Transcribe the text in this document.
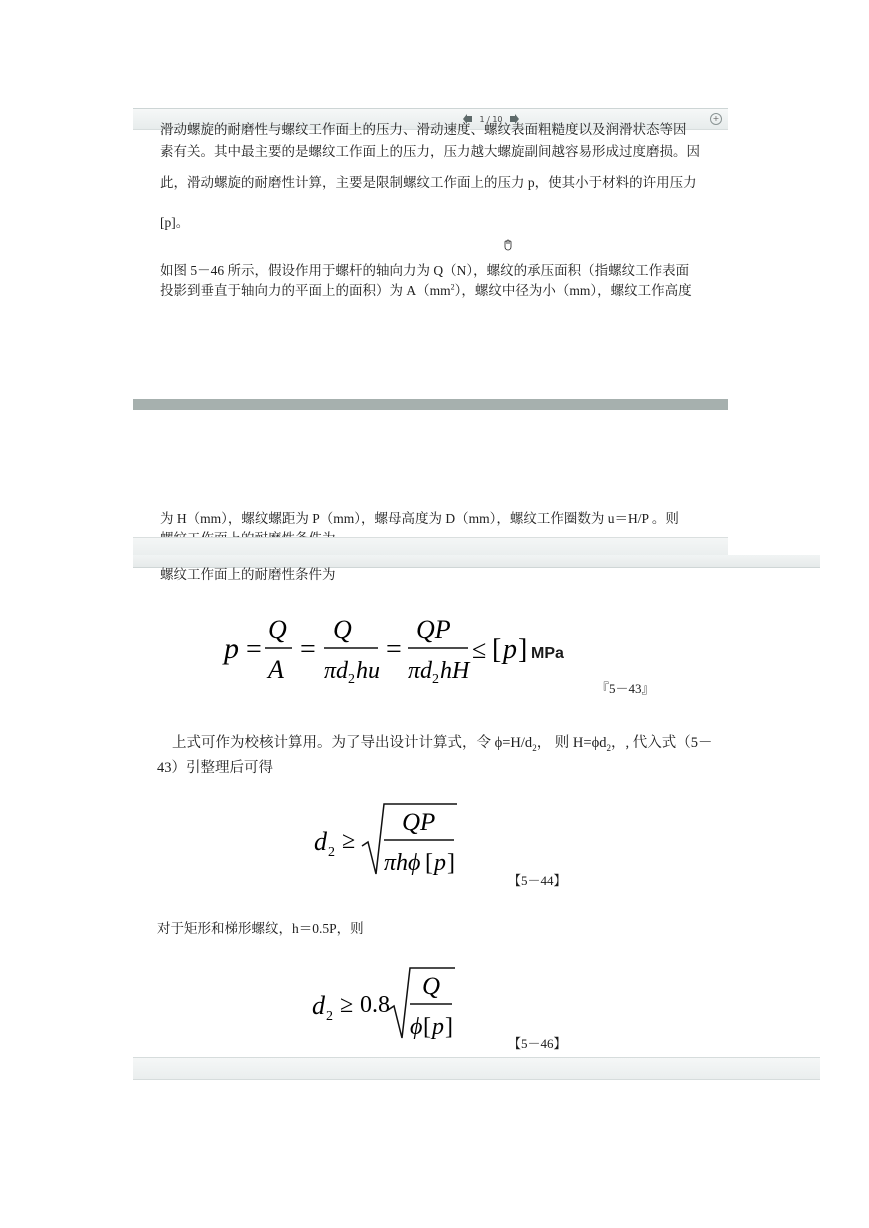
1 / 10	+
滑动螺旋的耐磨性与螺纹工作面上的压力、滑动速度、螺纹表面粗糙度以及润滑状态等因
素有关。其中最主要的是螺纹工作面上的压力，压力越大螺旋副间越容易形成过度磨损。因
此，滑动螺旋的耐磨性计算，主要是限制螺纹工作面上的压力 p，使其小于材料的许用压力
[p]。
如图 5－46 所示，假设作用于螺杆的轴向力为 Q（N），螺纹的承压面积（指螺纹工作表面
投影到垂直于轴向力的平面上的面积）为 $A(mm^2)$，螺纹中径为小（mm），螺纹工作高度
为 H（mm），螺纹螺距为 P（mm），螺母高度为 D（mm），螺纹工作圈数为 u＝H/P 。则
螺纹工作面上的耐磨性条件为
p =
Q
A
=
Q
πd 2 hu
=
QP
πd 2 hH
≤ [ p ] MPa
『5－43』
上式可作为校核计算用。为了导出设计计算式，令 $\phi=H/d_2$， 则 $H=\phi d_2$，, 代入式（5－
43）引整理后可得
d 2 ≥
QP
πhϕ [ p ]
【5－44】
对于矩形和梯形螺纹，h＝0.5P，则
d 2 ≥ 0.8
Q
ϕ [ p ]
【5－46】
